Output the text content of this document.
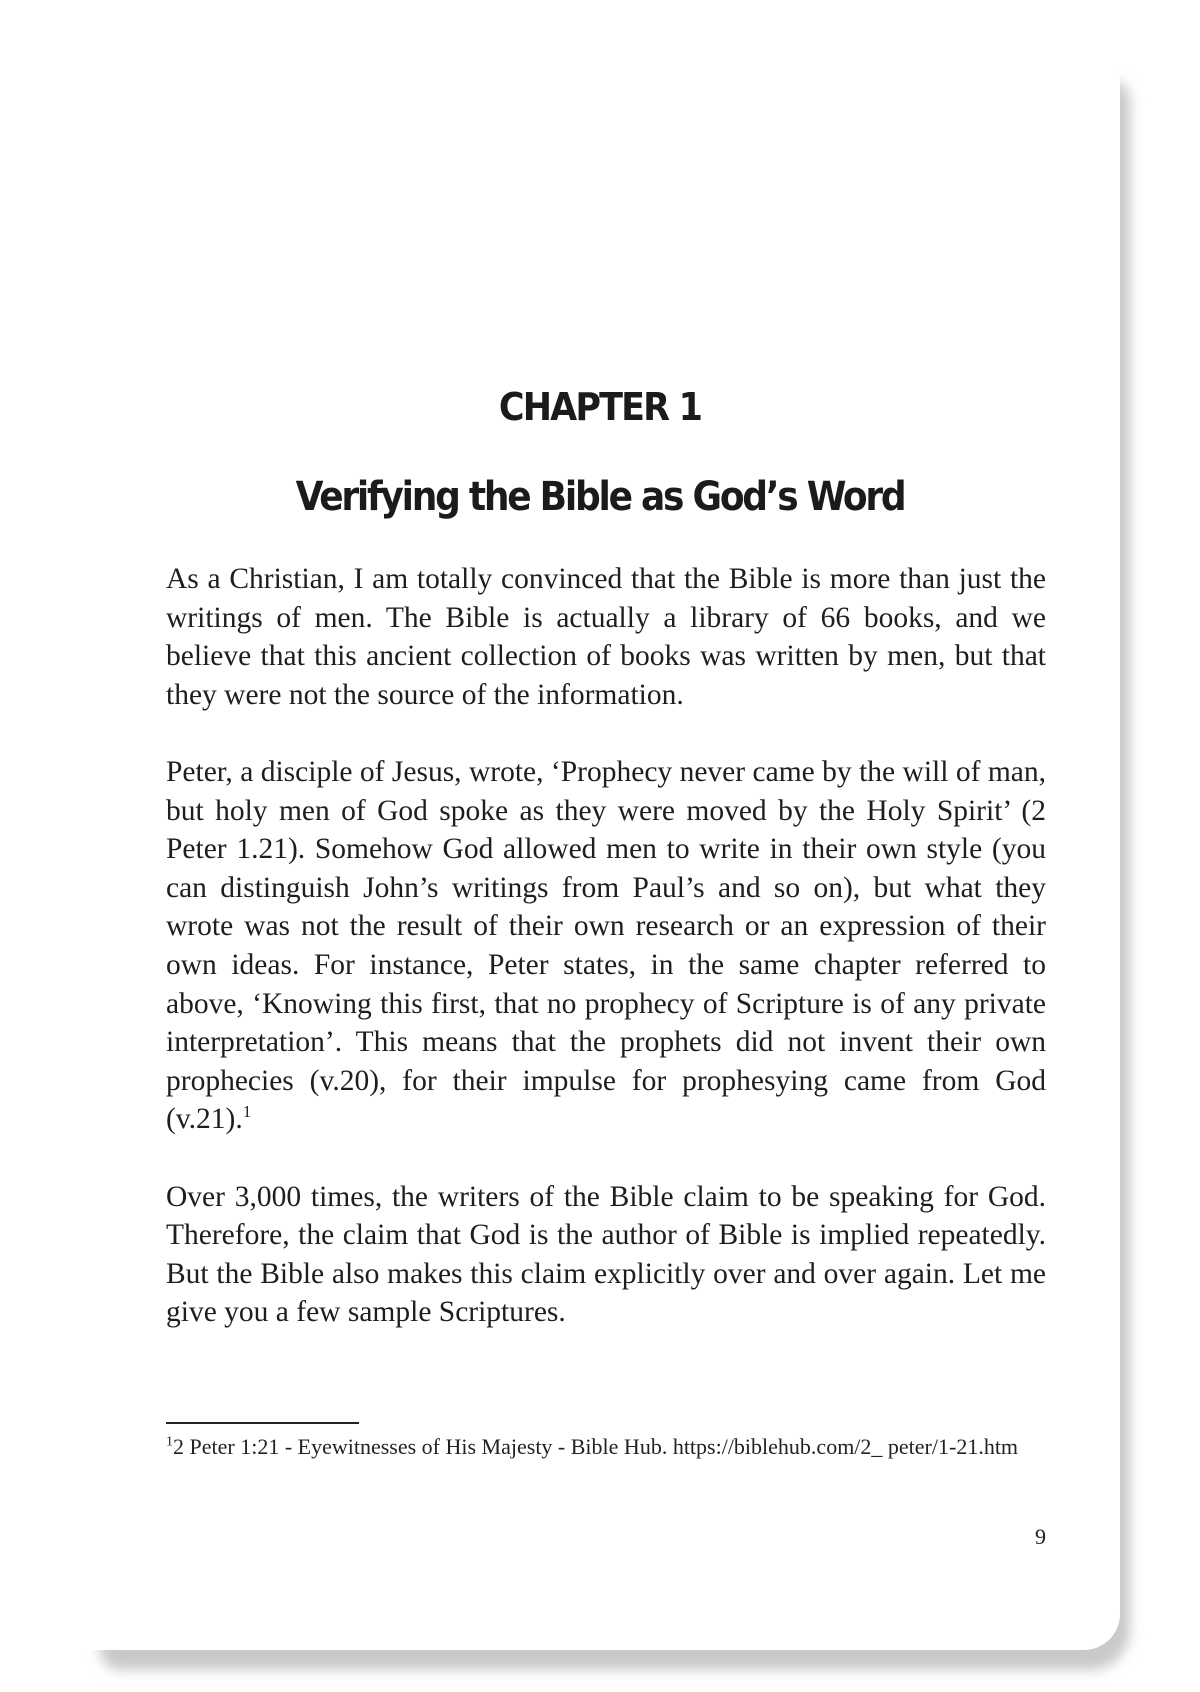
CHAPTER 1
Verifying the Bible as God’s Word

As a Christian, I am totally convinced that the Bible is more than just the writings of men. The Bible is actually a library of 66 books, and we believe that this ancient collection of books was written by men, but that they were not the source of the information.

Peter, a disciple of Jesus, wrote, ‘Prophecy never came by the will of man, but holy men of God spoke as they were moved by the Holy Spirit’ (2 Peter 1.21). Somehow God allowed men to write in their own style (you can distinguish John’s writings from Paul’s and so on), but what they wrote was not the result of their own research or an expression of their own ideas. For instance, Peter states, in the same chapter referred to above, ‘Knowing this first, that no prophecy of Scripture is of any private interpretation’. This means that the prophets did not invent their own prophecies (v.20), for their impulse for prophesying came from God (v.21).$^1$

Over 3,000 times, the writers of the Bible claim to be speaking for God. Therefore, the claim that God is the author of Bible is implied repeatedly. But the Bible also makes this claim explicitly over and over again. Let me give you a few sample Scriptures.

$^1$2 Peter 1:21 - Eyewitnesses of His Majesty - Bible Hub. https://biblehub.com/2_ peter/1-21.htm
9
